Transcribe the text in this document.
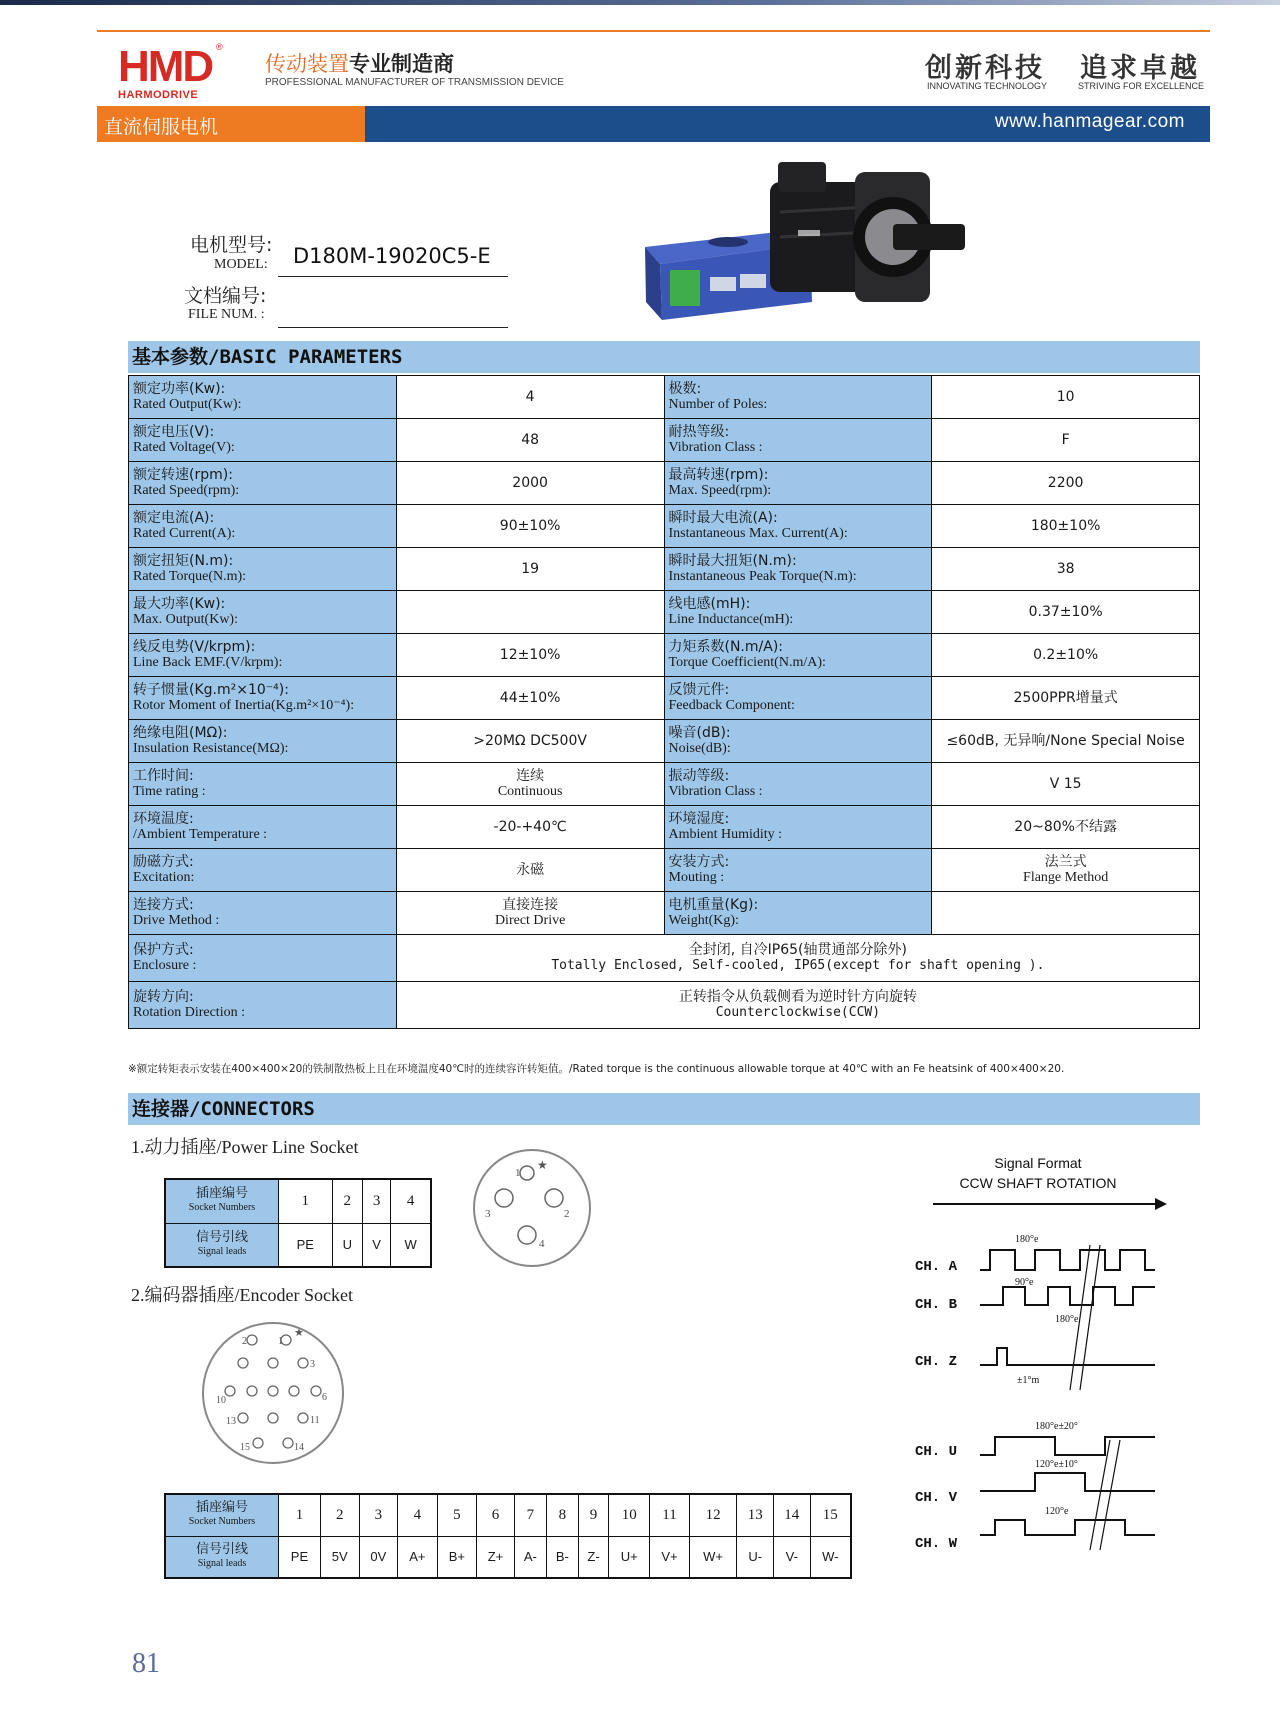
HMD
HARMODRIVE
®
传动装置专业制造商
PROFESSIONAL MANUFACTURER OF TRANSMISSION DEVICE	创新科技
INNOVATING TECHNOLOGY
追求卓越
STRIVING FOR EXCELLENCE
直流伺服电机	www.hanmagear.com
电机型号:
MODEL: D180M-19020C5-E
文档编号:
FILE NUM. :
基本参数/BASIC PARAMETERS
额定功率(Kw):
Rated Output(Kw):	4	极数:
Number of Poles:	10

额定电压(V):
Rated Voltage(V):	48	耐热等级:
Vibration Class :	F

额定转速(rpm):
Rated Speed(rpm):	2000	最高转速(rpm):
Max. Speed(rpm):	2200

额定电流(A):
Rated Current(A):	90±10%	瞬时最大电流(A):
Instantaneous Max. Current(A):	180±10%

额定扭矩(N.m):
Rated Torque(N.m):	19	瞬时最大扭矩(N.m):
Instantaneous Peak Torque(N.m):	38

最大功率(Kw):
Max. Output(Kw):		线电感(mH):
Line Inductance(mH):	0.37±10%

线反电势(V/krpm):
Line Back EMF.(V/krpm):	12±10%	力矩系数(N.m/A):
Torque Coefficient(N.m/A):	0.2±10%

转子惯量(Kg.m²×10⁻⁴):
Rotor Moment of Inertia(Kg.m²×10⁻⁴):	44±10%	反馈元件:
Feedback Component:	2500PPR增量式

绝缘电阻(MΩ):
Insulation Resistance(MΩ):	>20MΩ DC500V	噪音(dB):
Noise(dB):	≤60dB, 无异响/None Special Noise

工作时间:
Time rating :	连续
Continuous	振动等级:
Vibration Class :	V 15

环境温度:
/Ambient Temperature :	-20-+40℃	环境湿度:
Ambient Humidity :	20~80%不结露

励磁方式:
Excitation:	永磁	安装方式:
Mouting :	法兰式
Flange Method

连接方式:
Drive Method :	直接连接
Direct Drive	电机重量(Kg):
Weight(Kg):	

保护方式:
Enclosure :	全封闭, 自冷IP65(轴贯通部分除外)
Totally Enclosed, Self-cooled, IP65(except for shaft opening ).		

旋转方向:
Rotation Direction :	正转指令从负载侧看为逆时针方向旋转
Counterclockwise(CCW)		
※额定转矩表示安装在400×400×20的铁制散热板上且在环境温度40℃时的连续容许转矩值。/Rated torque is the continuous allowable torque at 40℃ with an Fe heatsink of 400×400×20.
连接器/CONNECTORS
1.动力插座/Power Line Socket
插座编号
Socket Numbers	1	2	3	4
信号引线
Signal leads	PE	U	V	W
1
2
3
4
★
2.编码器插座/Encoder Socket
1
2
3
6
10
11
13
14
15
★
插座编号
Socket Numbers	1	2	3	4	5	6	7	8	9	10	11	12	13	14	15
信号引线
Signal leads	PE	5V	0V	A+	B+	Z+	A-	B-	Z-	U+	V+	W+	U-	V-	W-
Signal Format
CCW SHAFT ROTATION
CH. A
CH. B
CH. Z
CH. U
CH. V
CH. W
180°e
90°e
180°e
±1°m
180°e±20°
120°e±10°
120°e
81
